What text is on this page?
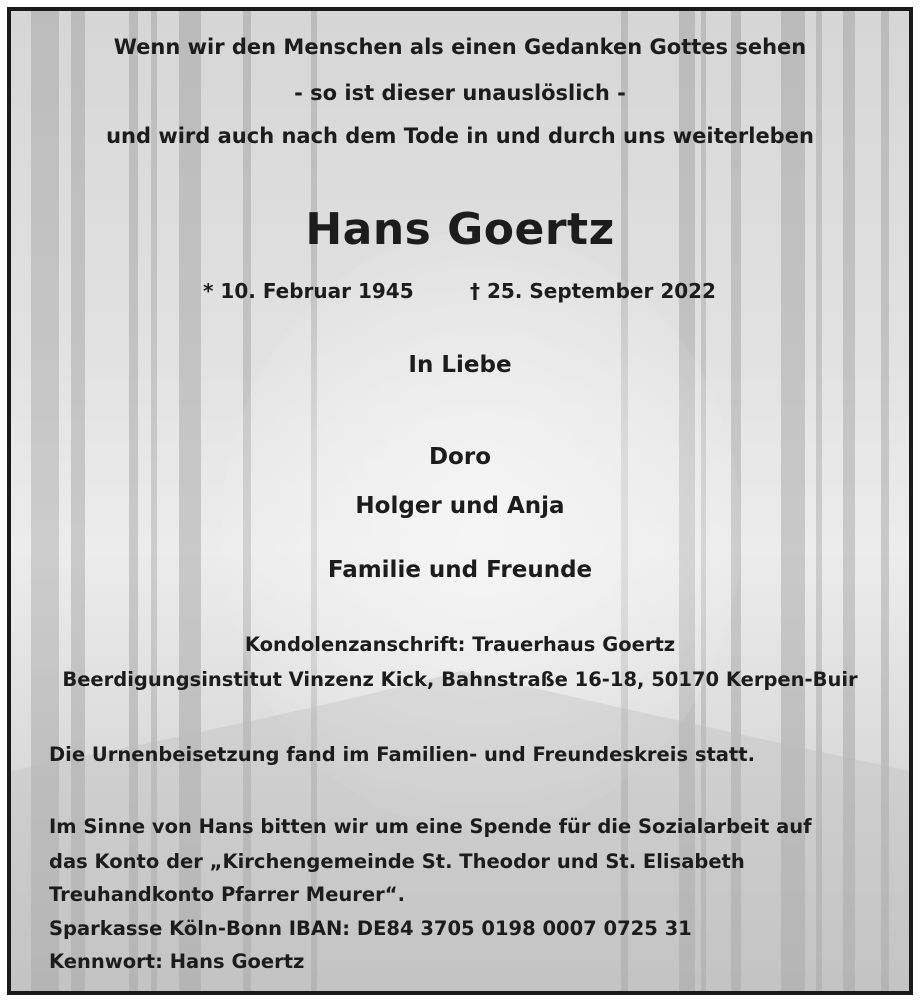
Wenn wir den Menschen als einen Gedanken Gottes sehen
- so ist dieser unauslöslich -
und wird auch nach dem Tode in und durch uns weiterleben
Hans Goertz
* 10. Februar 1945	† 25. September 2022
In Liebe
Doro
Holger und Anja
Familie und Freunde
Kondolenzanschrift: Trauerhaus Goertz
Beerdigungsinstitut Vinzenz Kick, Bahnstraße 16-18, 50170 Kerpen-Buir
Die Urnenbeisetzung fand im Familien- und Freundeskreis statt.
Im Sinne von Hans bitten wir um eine Spende für die Sozialarbeit auf
das Konto der „Kirchengemeinde St. Theodor und St. Elisabeth
Treuhandkonto Pfarrer Meurer“.
Sparkasse Köln-Bonn IBAN: DE84 3705 0198 0007 0725 31
Kennwort: Hans Goertz
